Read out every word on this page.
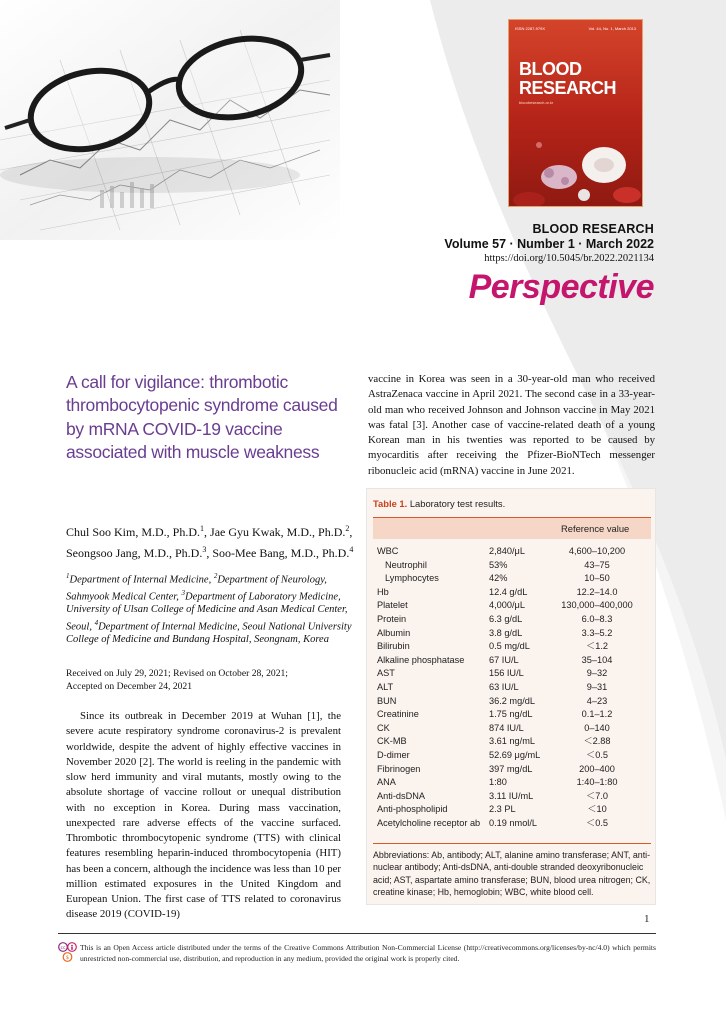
ISSN 2287-979X	Vol. 44, No. 1, March 2013
BLOOD
RESEARCH
bloodresearch.or.kr
BLOOD RESEARCH
Volume 57 · Number 1 · March 2022
https://doi.org/10.5045/br.2022.2021134
Perspective
A call for vigilance: thrombotic thrombocytopenic syndrome caused by mRNA COVID-19 vaccine associated with muscle weakness
Chul Soo Kim, M.D., Ph.D.$^1$, Jae Gyu Kwak, M.D., Ph.D.$^2$,
Seongsoo Jang, M.D., Ph.D.$^3$, Soo-Mee Bang, M.D., Ph.D.$^4$
$^1$Department of Internal Medicine, $^2$Department of Neurology, Sahmyook Medical Center, $^3$Department of Laboratory Medicine, University of Ulsan College of Medicine and Asan Medical Center, Seoul, $^4$Department of Internal Medicine, Seoul National University College of Medicine and Bundang Hospital, Seongnam, Korea
Received on July 29, 2021; Revised on October 28, 2021;
Accepted on December 24, 2021

Since its outbreak in December 2019 at Wuhan [1], the severe acute respiratory syndrome coronavirus-2 is prevalent worldwide, despite the advent of highly effective vaccines in November 2020 [2]. The world is reeling in the pandemic with slow herd immunity and viral mutants, mostly owing to the absolute shortage of vaccine rollout or unequal distribution with no exception in Korea. During mass vaccination, unexpected rare adverse effects of the vaccine surfaced. Thrombotic thrombocytopenic syndrome (TTS) with clinical features resembling heparin-induced thrombocytopenia (HIT) has been a concern, although the incidence was less than 10 per million estimated exposures in the United Kingdom and European Union. The first case of TTS related to coronavirus disease 2019 (COVID-19)

vaccine in Korea was seen in a 30-year-old man who received AstraZenaca vaccine in April 2021. The second case in a 33-year-old man who received Johnson and Johnson vaccine in May 2021 was fatal [3]. Another case of vaccine-related death of a young Korean man in his twenties was reported to be caused by myocarditis after receiving the Pfizer-BioNTech messenger ribonucleic acid (mRNA) vaccine in June 2021.

Table 1. Laboratory test results.
Reference value
WBC	2,840/μL	4,600–10,200
Neutrophil	53%	43–75
Lymphocytes	42%	10–50
Hb	12.4 g/dL	12.2–14.0
Platelet	4,000/μL	130,000–400,000
Protein	6.3 g/dL	6.0–8.3
Albumin	3.8 g/dL	3.3–5.2
Bilirubin	0.5 mg/dL	＜1.2
Alkaline phosphatase	67 IU/L	35–104
AST	156 IU/L	9–32
ALT	63 IU/L	9–31
BUN	36.2 mg/dL	4–23
Creatinine	1.75 ng/dL	0.1–1.2
CK	874 IU/L	0–140
CK-MB	3.61 ng/mL	＜2.88
D-dimer	52.69 μg/mL	＜0.5
Fibrinogen	397 mg/dL	200–400
ANA	1:80	1:40–1:80
Anti-dsDNA	3.11 IU/mL	＜7.0
Anti-phospholipid	2.3 PL	＜10
Acetylcholine receptor ab 0.19 nmol/L	＜0.5
Abbreviations: Ab, antibody; ALT, alanine amino transferase; ANT, anti-nuclear antibody; Anti-dsDNA, anti-double stranded deoxyribonucleic acid; AST, aspartate amino transferase; BUN, blood urea nitrogen; CK, creatine kinase; Hb, hemoglobin; WBC, white blood cell.
1
cc
$
This is an Open Access article distributed under the terms of the Creative Commons Attribution Non-Commercial License (http://creativecommons.org/licenses/by-nc/4.0) which permits unrestricted non-commercial use, distribution, and reproduction in any medium, provided the original work is properly cited.
